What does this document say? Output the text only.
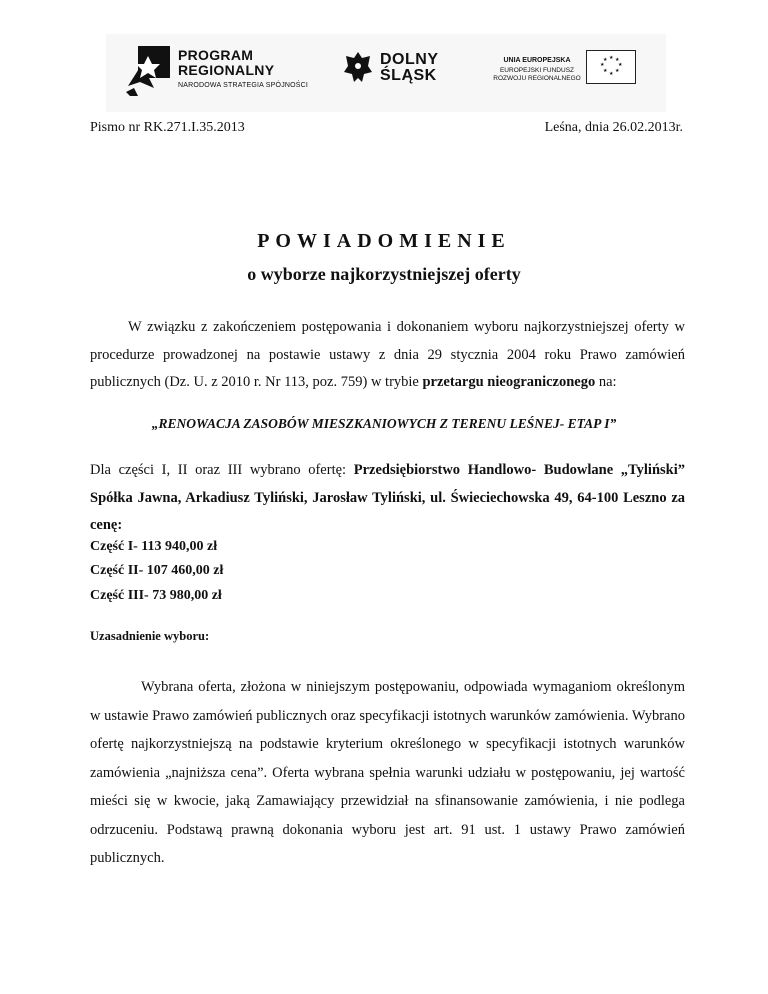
PROGRAM
REGIONALNY
NARODOWA STRATEGIA SPÓJNOŚCI
DOLNY
ŚLĄSK
UNIA EUROPEJSKA
EUROPEJSKI FUNDUSZ
ROZWOJU REGIONALNEGO
★ ★
★
★
★
★
★
★
Pismo nr RK.271.I.35.2013	Leśna, dnia 26.02.2013r.
POWIADOMIENIE
o wyborze najkorzystniejszej oferty
W związku z zakończeniem postępowania i dokonaniem wyboru najkorzystniejszej oferty w procedurze prowadzonej na postawie ustawy z dnia 29 stycznia 2004 roku Prawo zamówień publicznych (Dz. U. z 2010 r. Nr 113, poz. 759) w trybie przetargu nieograniczonego na:
„RENOWACJA ZASOBÓW MIESZKANIOWYCH Z TERENU LEŚNEJ- ETAP I”
Dla części I, II oraz III wybrano ofertę: Przedsiębiorstwo Handlowo- Budowlane „Tyliński” Spółka Jawna, Arkadiusz Tyliński, Jarosław Tyliński, ul. Świeciechowska 49, 64-100 Leszno za cenę:
Część I- 113 940,00 zł
Część II- 107 460,00 zł
Część III- 73 980,00 zł
Uzasadnienie wyboru:
Wybrana oferta, złożona w niniejszym postępowaniu, odpowiada wymaganiom określonym w ustawie Prawo zamówień publicznych oraz specyfikacji istotnych warunków zamówienia. Wybrano ofertę najkorzystniejszą na podstawie kryterium określonego w specyfikacji istotnych warunków zamówienia „najniższa cena”. Oferta wybrana spełnia warunki udziału w postępowaniu, jej wartość mieści się w kwocie, jaką Zamawiający przewidział na sfinansowanie zamówienia, i nie podlega odrzuceniu. Podstawą prawną dokonania wyboru jest art. 91 ust. 1 ustawy Prawo zamówień publicznych.
